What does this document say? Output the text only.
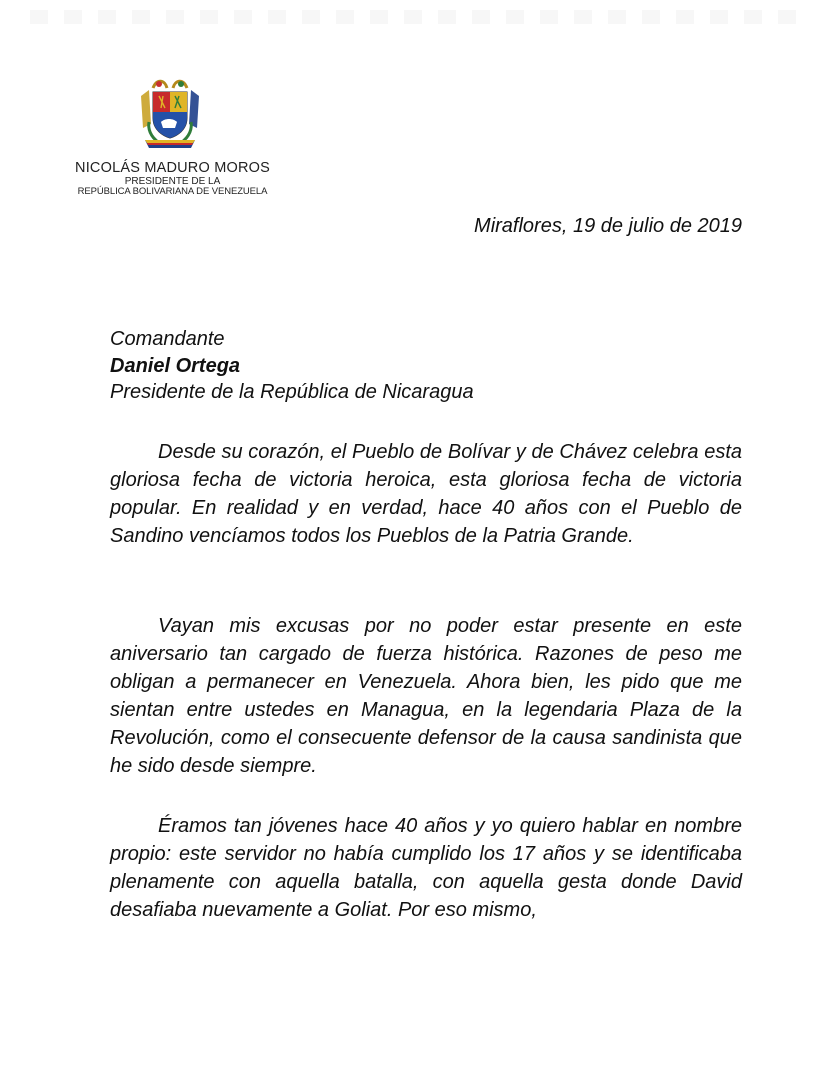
NICOLÁS MADURO MOROS
PRESIDENTE DE LA
REPÚBLICA BOLIVARIANA DE VENEZUELA
Miraflores, 19 de julio de 2019
Comandante
Daniel Ortega
Presidente de la República de Nicaragua

Desde su corazón, el Pueblo de Bolívar y de Chávez celebra esta gloriosa fecha de victoria heroica, esta gloriosa fecha de victoria popular. En realidad y en verdad, hace 40 años con el Pueblo de Sandino vencíamos todos los Pueblos de la Patria Grande.

Vayan mis excusas por no poder estar presente en este aniversario tan cargado de fuerza histórica. Razones de peso me obligan a permanecer en Venezuela. Ahora bien, les pido que me sientan entre ustedes en Managua, en la legendaria Plaza de la Revolución, como el consecuente defensor de la causa sandinista que he sido desde siempre.

Éramos tan jóvenes hace 40 años y yo quiero hablar en nombre propio: este servidor no había cumplido los 17 años y se identificaba plenamente con aquella batalla, con aquella gesta donde David desafiaba nuevamente a Goliat. Por eso mismo,
